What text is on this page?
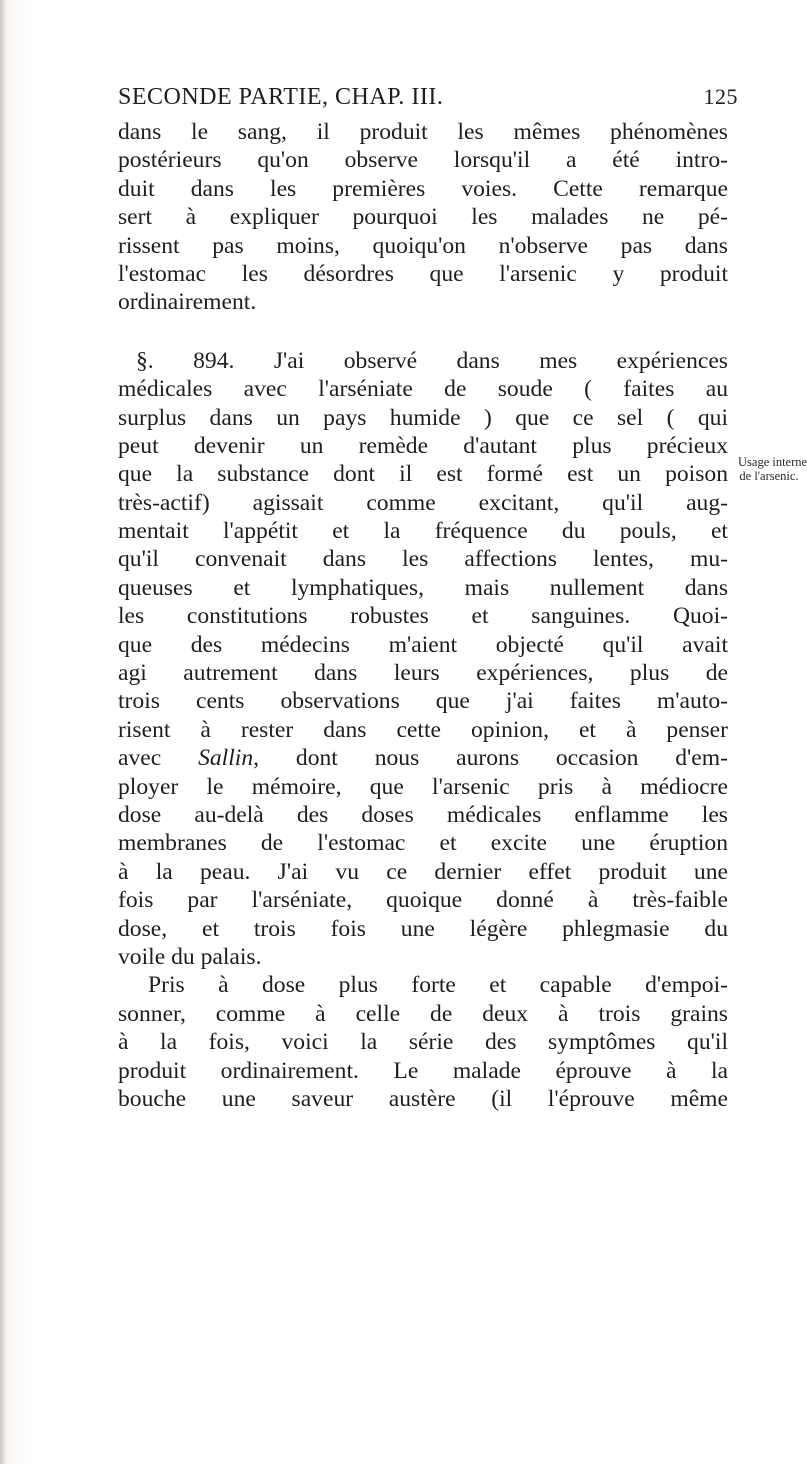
SECONDE PARTIE, CHAP. III.	125
dans le sang, il produit les mêmes phénomènes
postérieurs qu'on observe lorsqu'il a été intro-
duit dans les premières voies. Cette remarque
sert à expliquer pourquoi les malades ne pé-
rissent pas moins, quoiqu'on n'observe pas dans
l'estomac les désordres que l'arsenic y produit
ordinairement.
§. 894. J'ai observé dans mes expériences
médicales avec l'arséniate de soude ( faites au
surplus dans un pays humide ) que ce sel ( qui
peut devenir un remède d'autant plus précieux
que la substance dont il est formé est un poison
très-actif) agissait comme excitant, qu'il aug-
mentait l'appétit et la fréquence du pouls, et
qu'il convenait dans les affections lentes, mu-
queuses et lymphatiques, mais nullement dans
les constitutions robustes et sanguines. Quoi-
que des médecins m'aient objecté qu'il avait
agi autrement dans leurs expériences, plus de
trois cents observations que j'ai faites m'auto-
risent à rester dans cette opinion, et à penser
avec Sallin, dont nous aurons occasion d'em-
ployer le mémoire, que l'arsenic pris à médiocre
dose au-delà des doses médicales enflamme les
membranes de l'estomac et excite une éruption
à la peau. J'ai vu ce dernier effet produit une
fois par l'arséniate, quoique donné à très-faible
dose, et trois fois une légère phlegmasie du
voile du palais.
Pris à dose plus forte et capable d'empoi-
sonner, comme à celle de deux à trois grains
à la fois, voici la série des symptômes qu'il
produit ordinairement. Le malade éprouve à la
bouche une saveur austère (il l'éprouve même
Usage interne
de l'arsenic.
